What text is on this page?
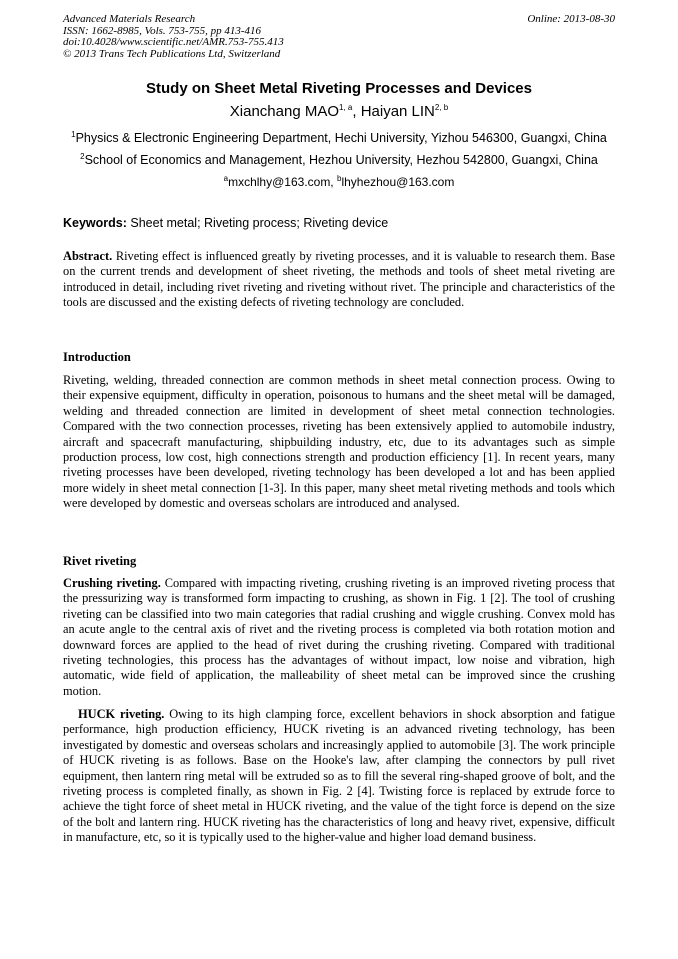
Advanced Materials Research
ISSN: 1662-8985, Vols. 753-755, pp 413-416
doi:10.4028/www.scientific.net/AMR.753-755.413
© 2013 Trans Tech Publications Ltd, Switzerland
Online: 2013-08-30
Study on Sheet Metal Riveting Processes and Devices
Xianchang MAO$^{1, a}$, Haiyan LIN$^{2, b}$
$^1$Physics & Electronic Engineering Department, Hechi University, Yizhou 546300, Guangxi, China
$^2$School of Economics and Management, Hezhou University, Hezhou 542800, Guangxi, China
$^a$mxchlhy@163.com, $^b$lhyhezhou@163.com
Keywords: Sheet metal; Riveting process; Riveting device
Abstract. Riveting effect is influenced greatly by riveting processes, and it is valuable to research them. Base on the current trends and development of sheet riveting, the methods and tools of sheet metal riveting are introduced in detail, including rivet riveting and riveting without rivet. The principle and characteristics of the tools are discussed and the existing defects of riveting technology are concluded.
Introduction
Riveting, welding, threaded connection are common methods in sheet metal connection process. Owing to their expensive equipment, difficulty in operation, poisonous to humans and the sheet metal will be damaged, welding and threaded connection are limited in development of sheet metal connection technologies. Compared with the two connection processes, riveting has been extensively applied to automobile industry, aircraft and spacecraft manufacturing, shipbuilding industry, etc, due to its advantages such as simple production process, low cost, high connections strength and production efficiency [1]. In recent years, many riveting processes have been developed, riveting technology has been developed a lot and has been applied more widely in sheet metal connection [1-3]. In this paper, many sheet metal riveting methods and tools which were developed by domestic and overseas scholars are introduced and analysed.
Rivet riveting
Crushing riveting. Compared with impacting riveting, crushing riveting is an improved riveting process that the pressurizing way is transformed form impacting to crushing, as shown in Fig. 1 [2]. The tool of crushing riveting can be classified into two main categories that radial crushing and wiggle crushing. Convex mold has an acute angle to the central axis of rivet and the riveting process is completed via both rotation motion and downward forces are applied to the head of rivet during the crushing riveting. Compared with traditional riveting technologies, this process has the advantages of without impact, low noise and vibration, high automatic, wide field of application, the malleability of sheet metal can be improved since the crushing motion.
HUCK riveting. Owing to its high clamping force, excellent behaviors in shock absorption and fatigue performance, high production efficiency, HUCK riveting is an advanced riveting technology, has been investigated by domestic and overseas scholars and increasingly applied to automobile [3]. The work principle of HUCK riveting is as follows. Base on the Hooke's law, after clamping the connectors by pull rivet equipment, then lantern ring metal will be extruded so as to fill the several ring-shaped groove of bolt, and the riveting process is completed finally, as shown in Fig. 2 [4]. Twisting force is replaced by extrude force to achieve the tight force of sheet metal in HUCK riveting, and the value of the tight force is depend on the size of the bolt and lantern ring. HUCK riveting has the characteristics of long and heavy rivet, expensive, difficult in manufacture, etc, so it is typically used to the higher-value and higher load demand business.
